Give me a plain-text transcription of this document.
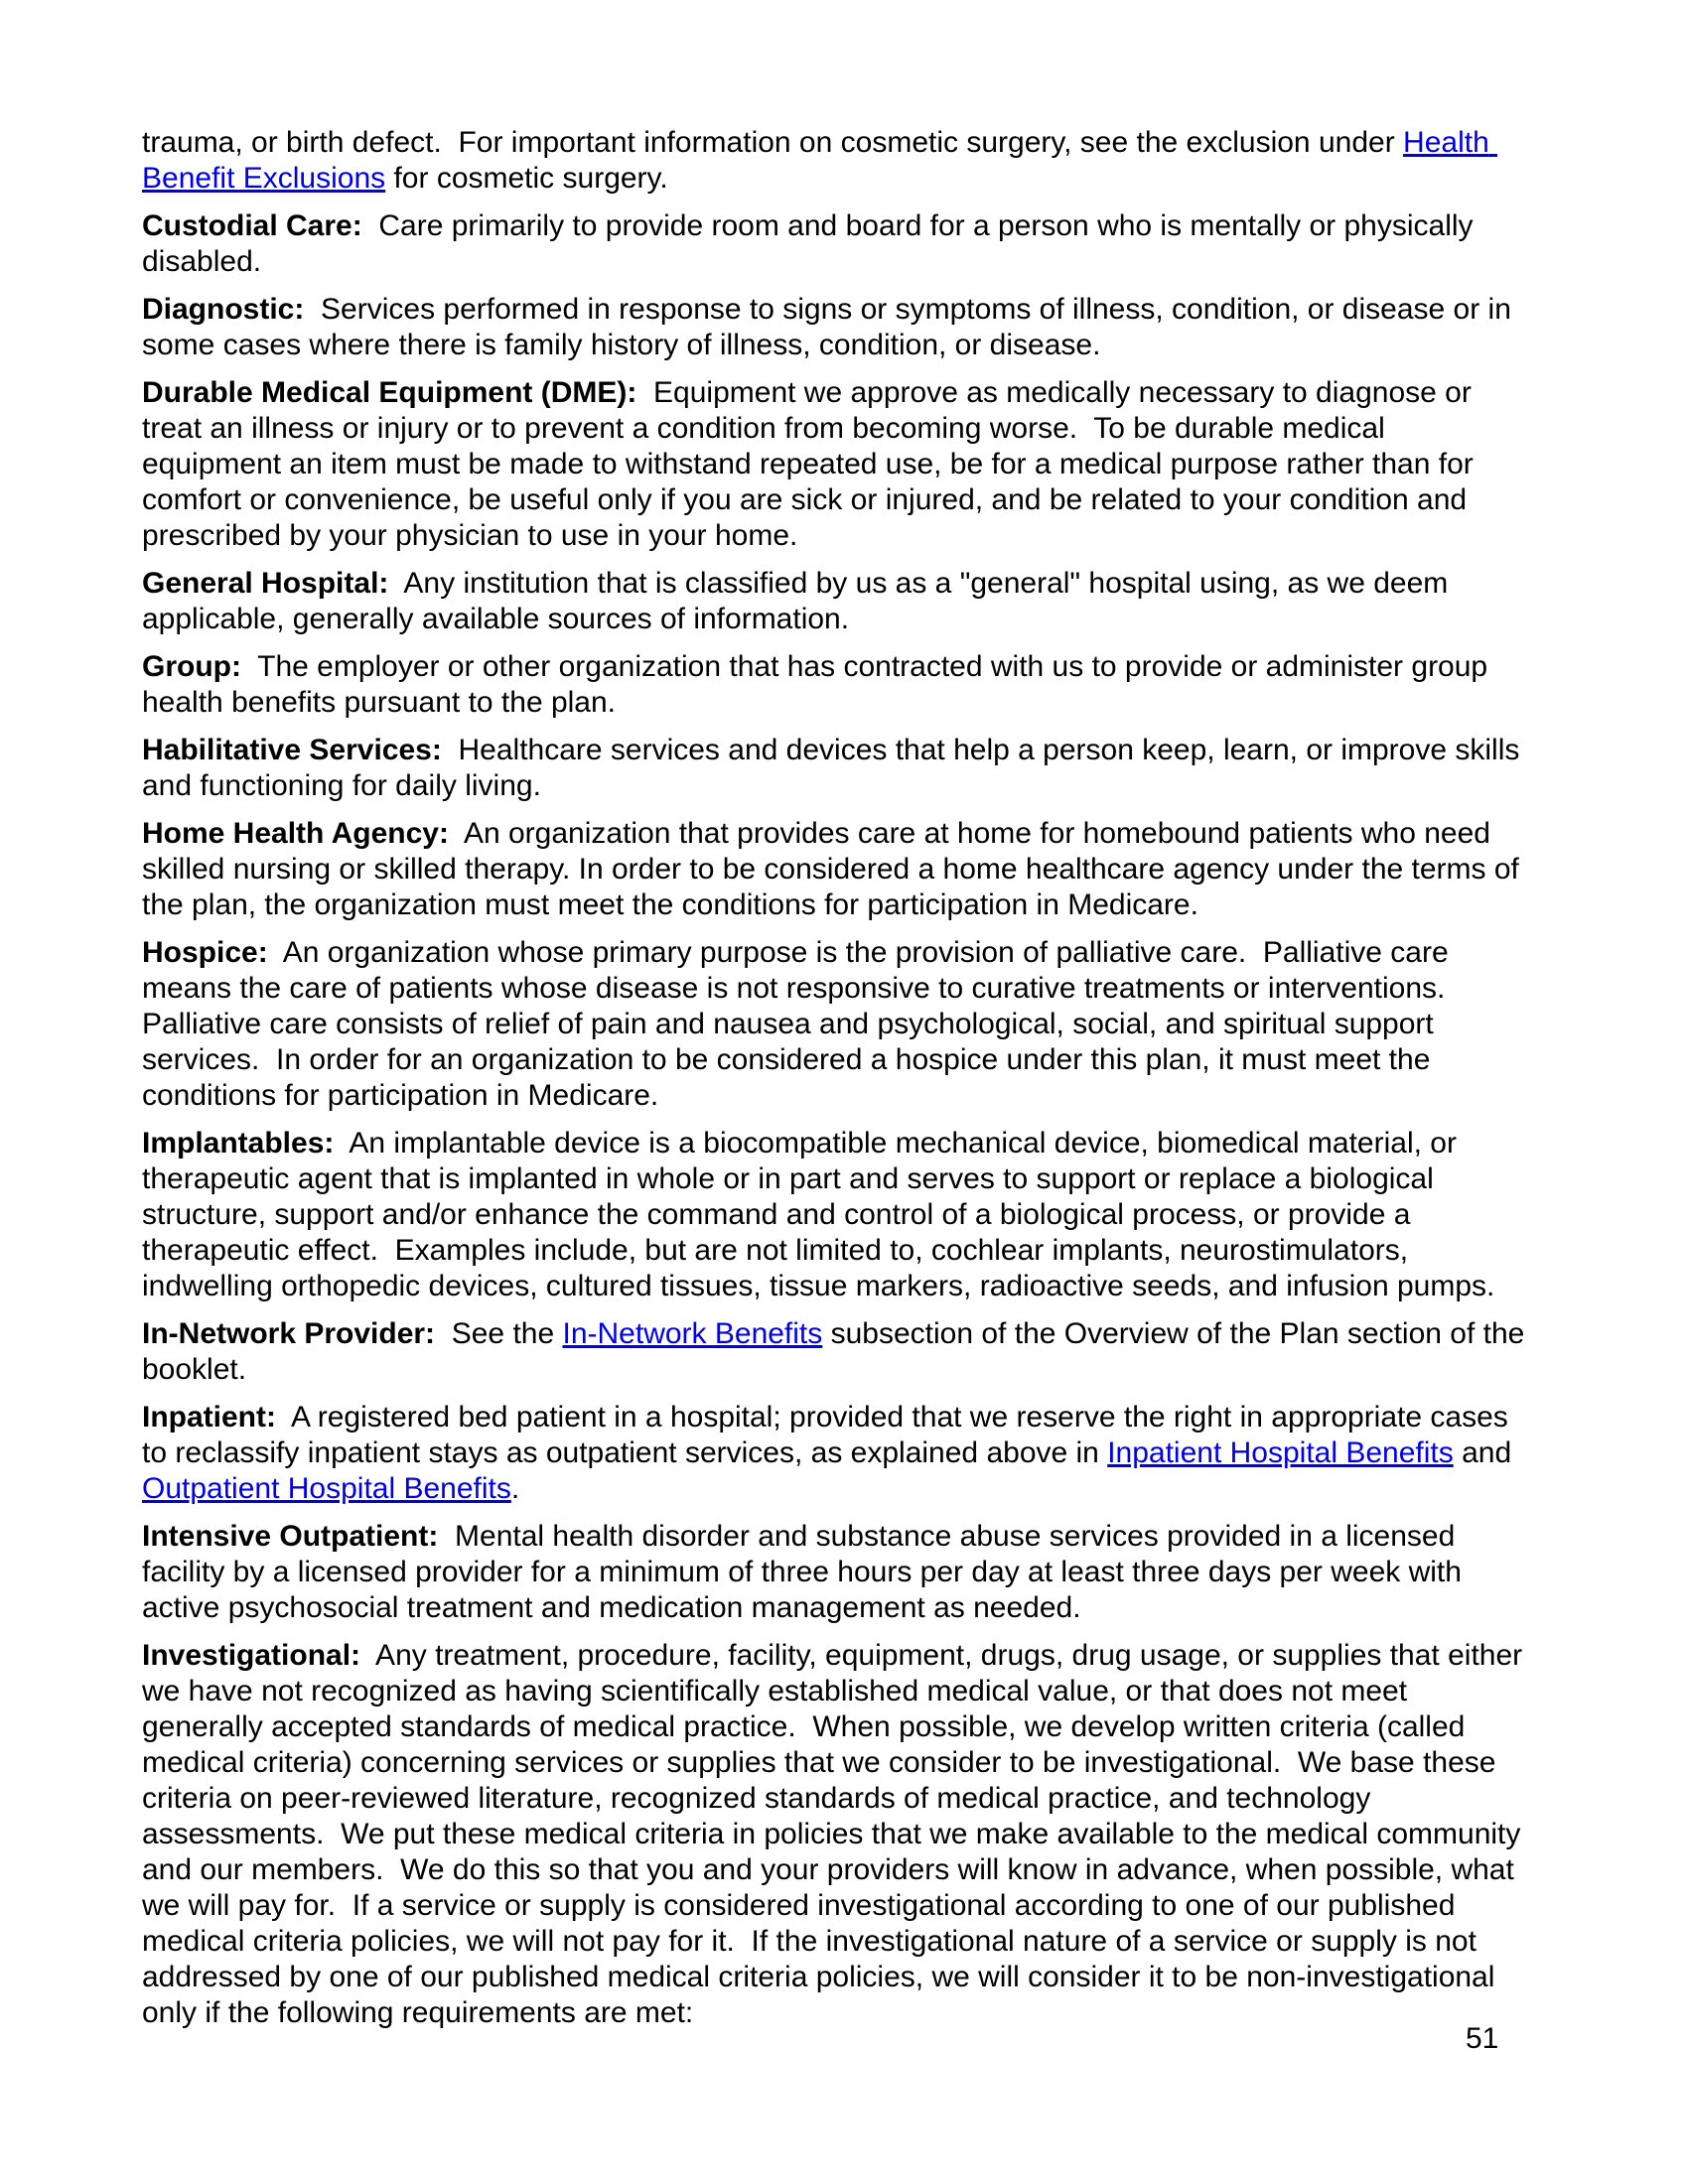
trauma, or birth defect.  For important information on cosmetic surgery, see the exclusion under Health Benefit Exclusions for cosmetic surgery.

Custodial Care:  Care primarily to provide room and board for a person who is mentally or physically disabled.

Diagnostic:  Services performed in response to signs or symptoms of illness, condition, or disease or in some cases where there is family history of illness, condition, or disease.

Durable Medical Equipment (DME):  Equipment we approve as medically necessary to diagnose or treat an illness or injury or to prevent a condition from becoming worse.  To be durable medical equipment an item must be made to withstand repeated use, be for a medical purpose rather than for comfort or convenience, be useful only if you are sick or injured, and be related to your condition and prescribed by your physician to use in your home.

General Hospital:  Any institution that is classified by us as a "general" hospital using, as we deem applicable, generally available sources of information.

Group:  The employer or other organization that has contracted with us to provide or administer group health benefits pursuant to the plan.

Habilitative Services:  Healthcare services and devices that help a person keep, learn, or improve skills and functioning for daily living.

Home Health Agency:  An organization that provides care at home for homebound patients who need skilled nursing or skilled therapy. In order to be considered a home healthcare agency under the terms of the plan, the organization must meet the conditions for participation in Medicare.

Hospice:  An organization whose primary purpose is the provision of palliative care.  Palliative care means the care of patients whose disease is not responsive to curative treatments or interventions. Palliative care consists of relief of pain and nausea and psychological, social, and spiritual support services.  In order for an organization to be considered a hospice under this plan, it must meet the conditions for participation in Medicare.

Implantables:  An implantable device is a biocompatible mechanical device, biomedical material, or therapeutic agent that is implanted in whole or in part and serves to support or replace a biological structure, support and/or enhance the command and control of a biological process, or provide a therapeutic effect.  Examples include, but are not limited to, cochlear implants, neurostimulators, indwelling orthopedic devices, cultured tissues, tissue markers, radioactive seeds, and infusion pumps.

In-Network Provider:  See the In-Network Benefits subsection of the Overview of the Plan section of the booklet.

Inpatient:  A registered bed patient in a hospital; provided that we reserve the right in appropriate cases to reclassify inpatient stays as outpatient services, as explained above in Inpatient Hospital Benefits and Outpatient Hospital Benefits.

Intensive Outpatient:  Mental health disorder and substance abuse services provided in a licensed facility by a licensed provider for a minimum of three hours per day at least three days per week with active psychosocial treatment and medication management as needed.

Investigational:  Any treatment, procedure, facility, equipment, drugs, drug usage, or supplies that either we have not recognized as having scientifically established medical value, or that does not meet generally accepted standards of medical practice.  When possible, we develop written criteria (called medical criteria) concerning services or supplies that we consider to be investigational.  We base these criteria on peer-reviewed literature, recognized standards of medical practice, and technology assessments.  We put these medical criteria in policies that we make available to the medical community and our members.  We do this so that you and your providers will know in advance, when possible, what we will pay for.  If a service or supply is considered investigational according to one of our published medical criteria policies, we will not pay for it.  If the investigational nature of a service or supply is not addressed by one of our published medical criteria policies, we will consider it to be non-investigational only if the following requirements are met:

51
